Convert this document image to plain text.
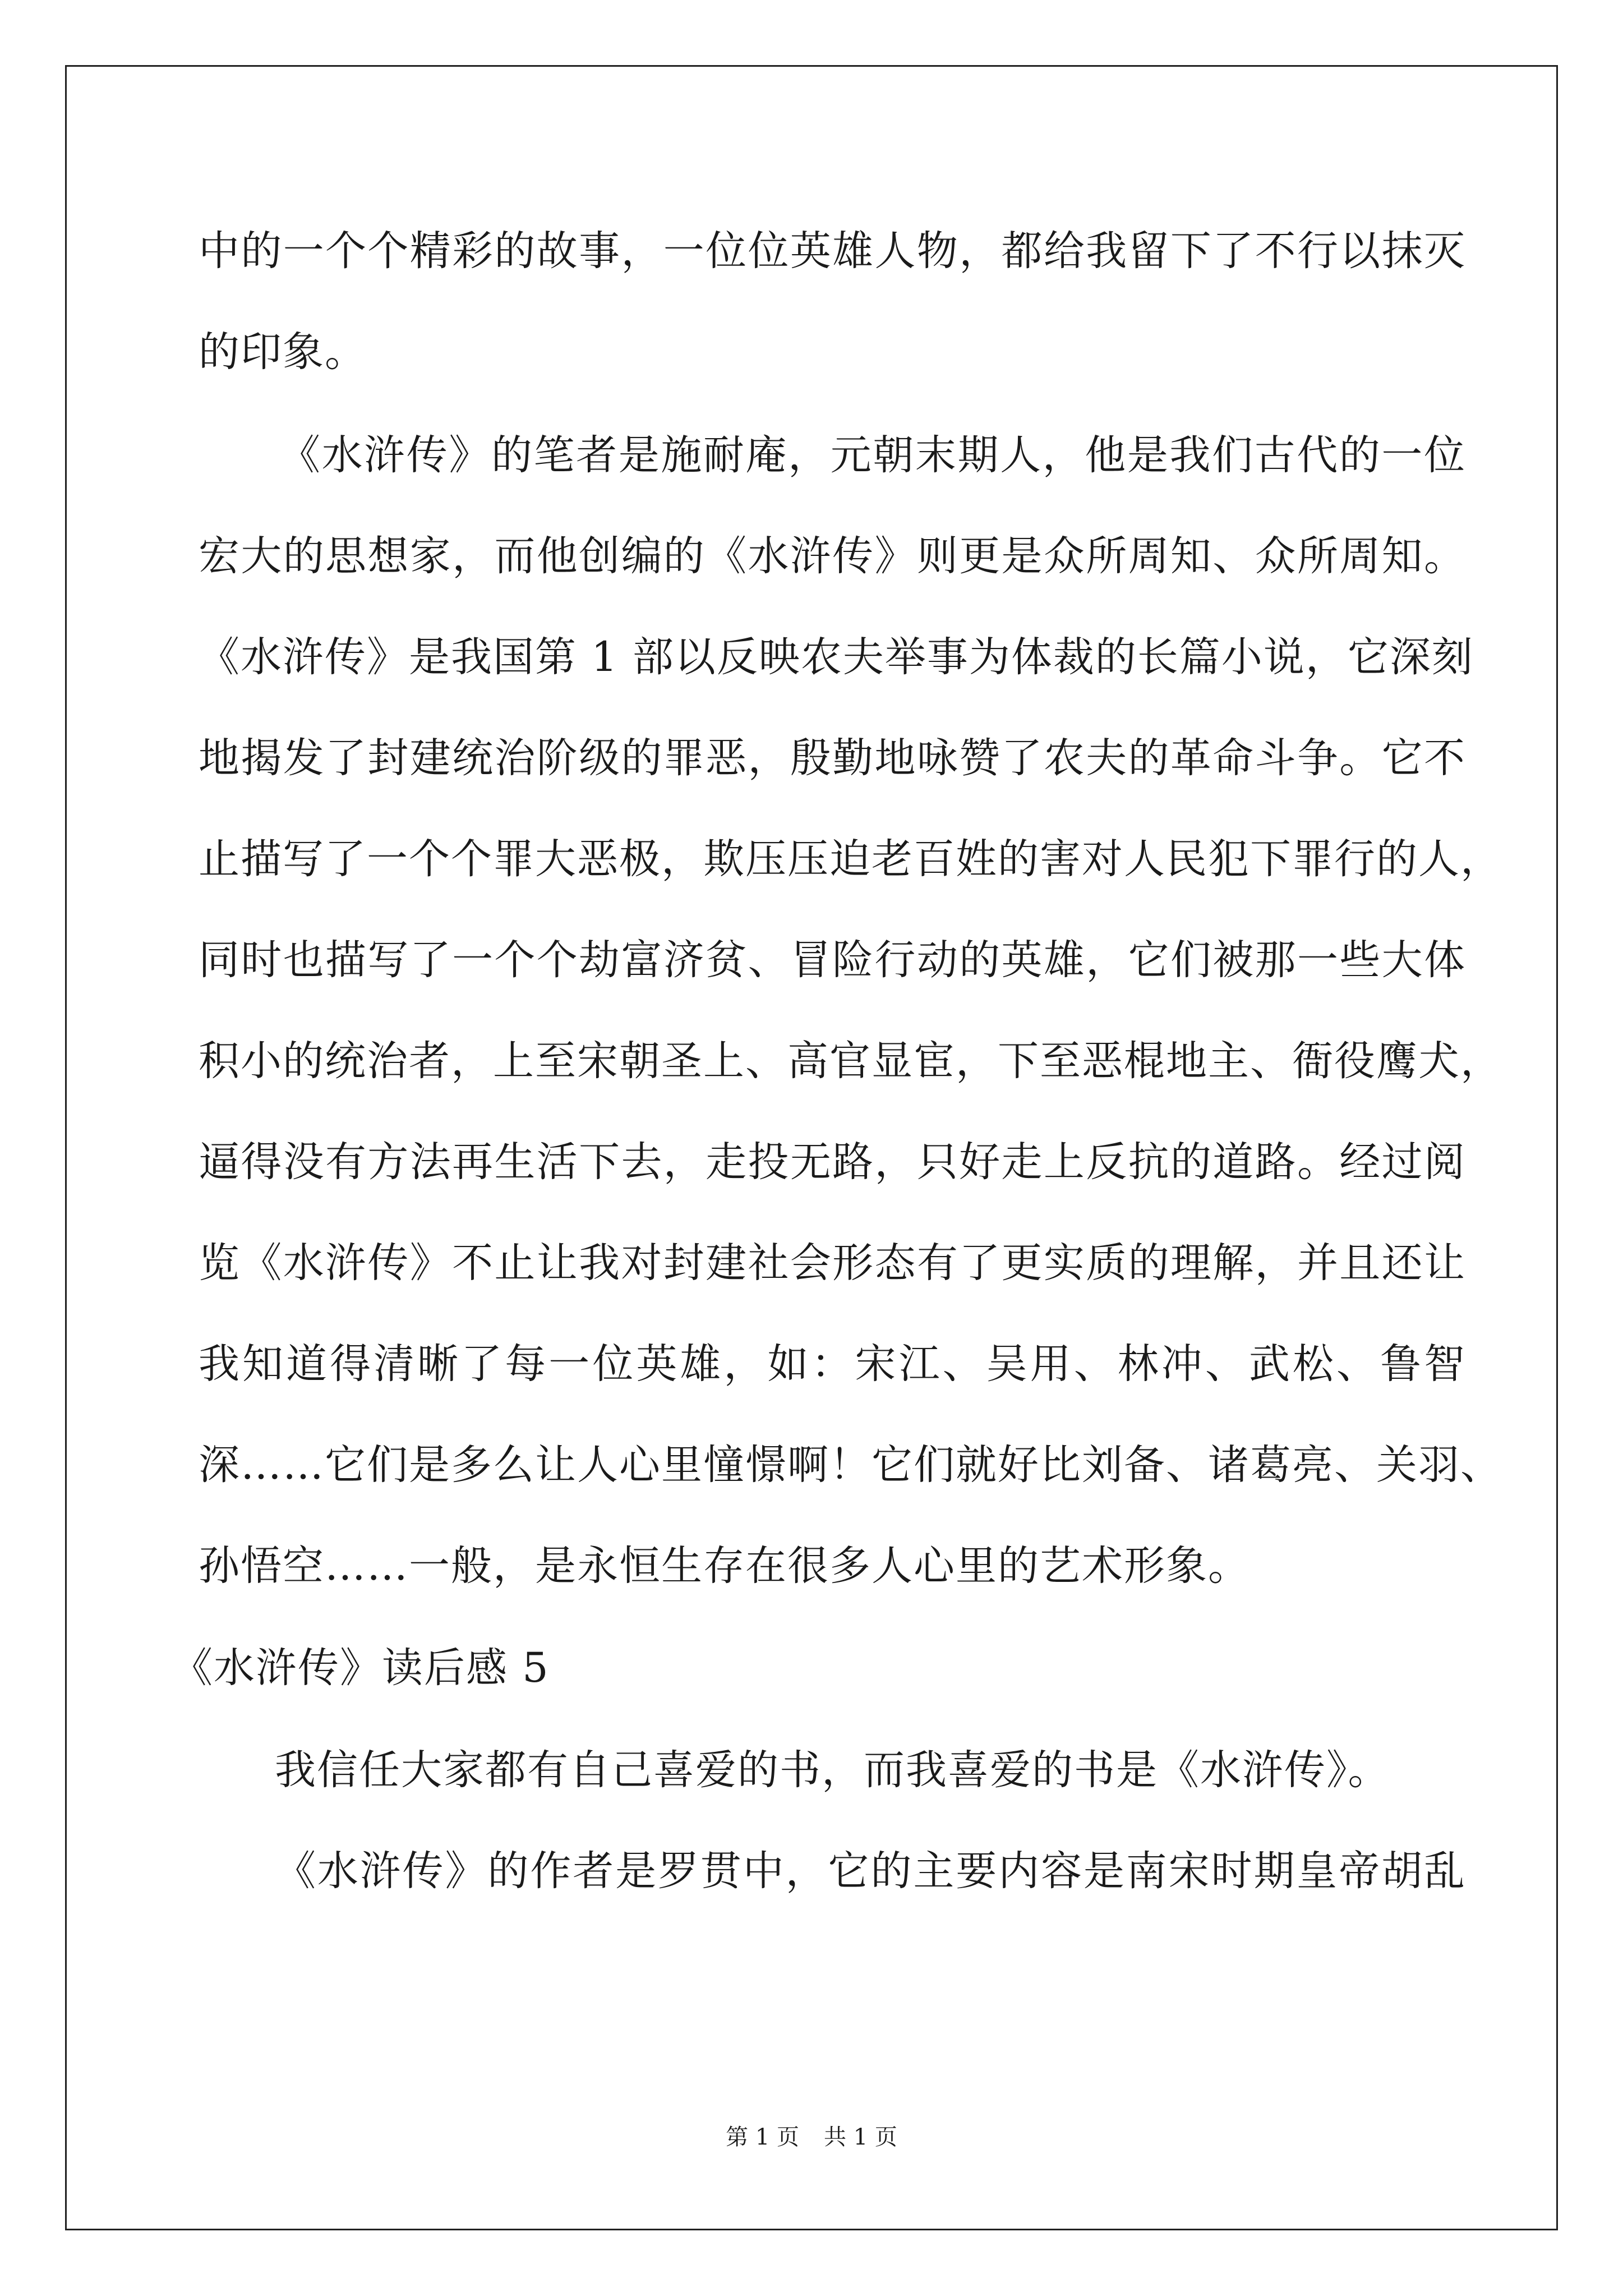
中的一个个精彩的故事，一位位英雄人物，都给我留下了不行以抹灭
的印象。
《水浒传》的笔者是施耐庵，元朝末期人，他是我们古代的一位
宏大的思想家，而他创编的《水浒传》则更是众所周知、众所周知。
《水浒传》是我国第 1 部以反映农夫举事为体裁的长篇小说，它深刻
地揭发了封建统治阶级的罪恶，殷勤地咏赞了农夫的革命斗争。它不
止描写了一个个罪大恶极，欺压压迫老百姓的害对人民犯下罪行的人，
同时也描写了一个个劫富济贫、冒险行动的英雄，它们被那一些大体
积小的统治者，上至宋朝圣上、高官显宦，下至恶棍地主、衙役鹰犬，
逼得没有方法再生活下去，走投无路，只好走上反抗的道路。经过阅
览《水浒传》不止让我对封建社会形态有了更实质的理解，并且还让
我知道得清晰了每一位英雄，如：宋江、吴用、林冲、武松、鲁智
深……它们是多么让人心里憧憬啊！它们就好比刘备、诸葛亮、关羽、
孙悟空……一般，是永恒生存在很多人心里的艺术形象。
《水浒传》读后感 5
我信任大家都有自己喜爱的书，而我喜爱的书是《水浒传》。
《水浒传》的作者是罗贯中，它的主要内容是南宋时期皇帝胡乱
第 1 页 共 1 页
